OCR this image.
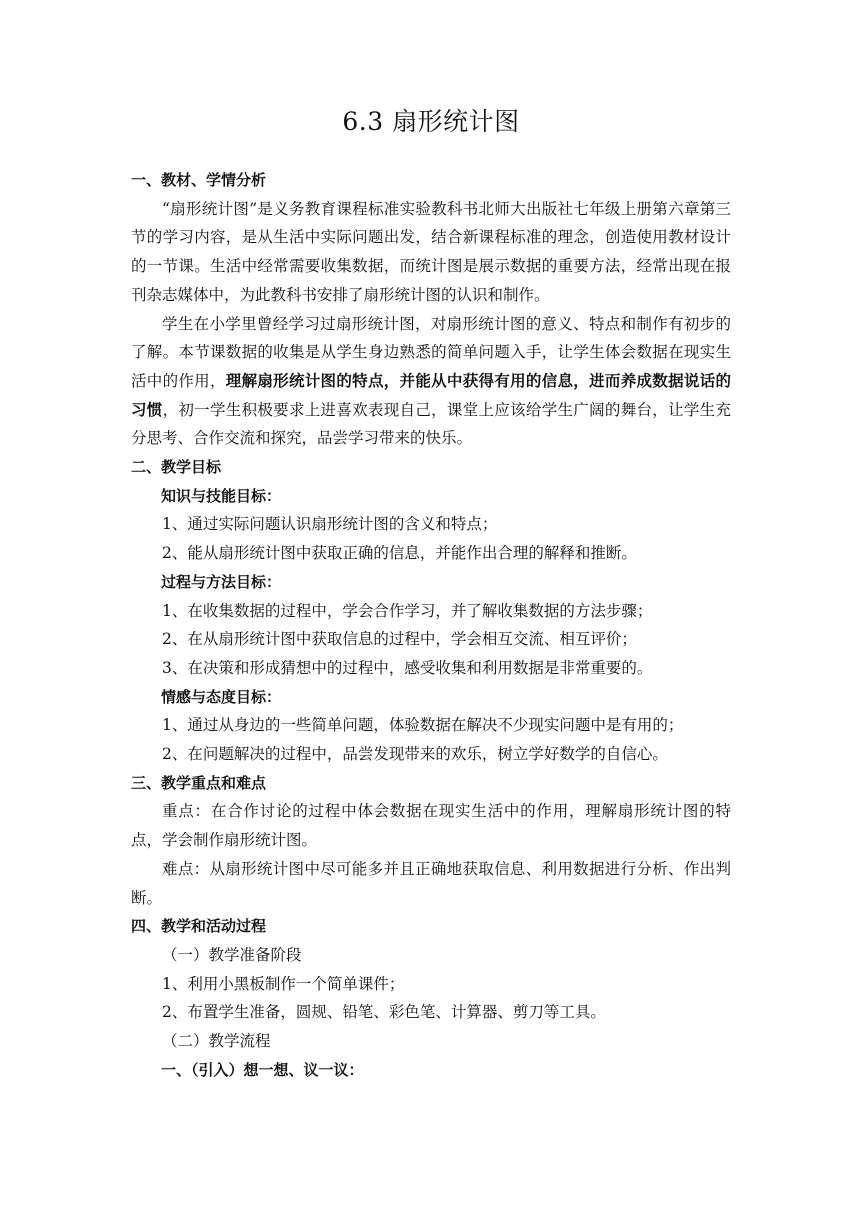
6.3 扇形统计图
一、教材、学情分析

“扇形统计图”是义务教育课程标准实验教科书北师大出版社七年级上册第六章第三节的学习内容，是从生活中实际问题出发，结合新课程标准的理念，创造使用教材设计的一节课。生活中经常需要收集数据，而统计图是展示数据的重要方法，经常出现在报刊杂志媒体中，为此教科书安排了扇形统计图的认识和制作。

学生在小学里曾经学习过扇形统计图，对扇形统计图的意义、特点和制作有初步的了解。本节课数据的收集是从学生身边熟悉的简单问题入手，让学生体会数据在现实生活中的作用，理解扇形统计图的特点，并能从中获得有用的信息，进而养成数据说话的习惯，初一学生积极要求上进喜欢表现自己，课堂上应该给学生广阔的舞台，让学生充分思考、合作交流和探究，品尝学习带来的快乐。

二、教学目标
知识与技能目标：
1、通过实际问题认识扇形统计图的含义和特点；
2、能从扇形统计图中获取正确的信息，并能作出合理的解释和推断。
过程与方法目标：
1、在收集数据的过程中，学会合作学习，并了解收集数据的方法步骤；
2、在从扇形统计图中获取信息的过程中，学会相互交流、相互评价；
3、在决策和形成猜想中的过程中，感受收集和利用数据是非常重要的。
情感与态度目标：
1、通过从身边的一些简单问题，体验数据在解决不少现实问题中是有用的；
2、在问题解决的过程中，品尝发现带来的欢乐，树立学好数学的自信心。
三、教学重点和难点

重点：在合作讨论的过程中体会数据在现实生活中的作用，理解扇形统计图的特点，学会制作扇形统计图。

难点：从扇形统计图中尽可能多并且正确地获取信息、利用数据进行分析、作出判断。

四、教学和活动过程
（一）教学准备阶段
1、利用小黑板制作一个简单课件；
2、布置学生准备，圆规、铅笔、彩色笔、计算器、剪刀等工具。
（二）教学流程
一、（引入）想一想、议一议：
